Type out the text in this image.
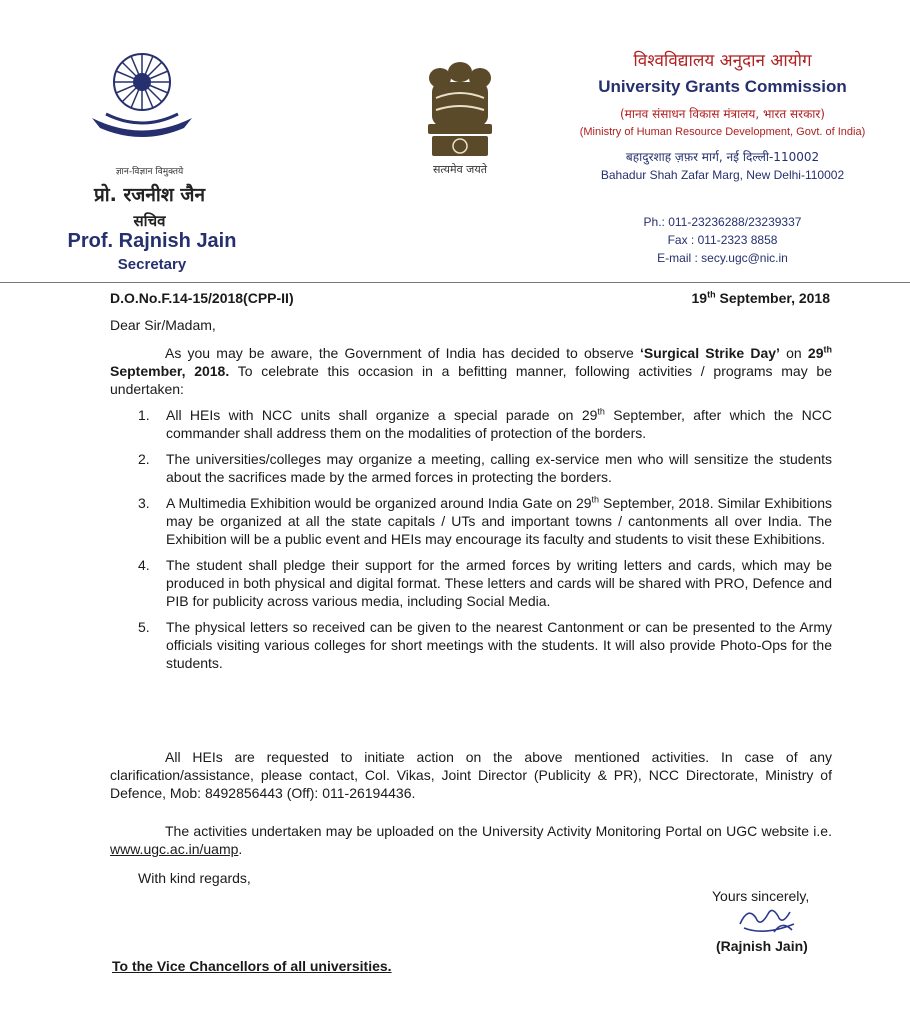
ज्ञान-विज्ञान विमुक्तये
प्रो. रजनीश जैन
सचिव
Prof. Rajnish Jain
Secretary
सत्यमेव जयते
विश्वविद्यालय अनुदान आयोग
University Grants Commission
(मानव संसाधन विकास मंत्रालय, भारत सरकार)
(Ministry of Human Resource Development, Govt. of India)
बहादुरशाह ज़फ़र मार्ग, नई दिल्ली-110002
Bahadur Shah Zafar Marg, New Delhi-110002
Ph.: 011-23236288/23239337
Fax : 011-2323 8858
E-mail : secy.ugc@nic.in
D.O.No.F.14-15/2018(CPP-II)	19th September, 2018
Dear Sir/Madam,
As you may be aware, the Government of India has decided to observe ‘Surgical Strike Day’ on 29th September, 2018. To celebrate this occasion in a befitting manner, following activities / programs may be undertaken:
1.	All HEIs with NCC units shall organize a special parade on 29th September, after which the NCC commander shall address them on the modalities of protection of the borders.
2.	The universities/colleges may organize a meeting, calling ex-service men who will sensitize the students about the sacrifices made by the armed forces in protecting the borders.
3.	A Multimedia Exhibition would be organized around India Gate on 29th September, 2018. Similar Exhibitions may be organized at all the state capitals / UTs and important towns / cantonments all over India. The Exhibition will be a public event and HEIs may encourage its faculty and students to visit these Exhibitions.
4.	The student shall pledge their support for the armed forces by writing letters and cards, which may be produced in both physical and digital format. These letters and cards will be shared with PRO, Defence and PIB for publicity across various media, including Social Media.
5.	The physical letters so received can be given to the nearest Cantonment or can be presented to the Army officials visiting various colleges for short meetings with the students. It will also provide Photo-Ops for the students.
All HEIs are requested to initiate action on the above mentioned activities. In case of any clarification/assistance, please contact, Col. Vikas, Joint Director (Publicity & PR), NCC Directorate, Ministry of Defence, Mob: 8492856443 (Off): 011-26194436.
The activities undertaken may be uploaded on the University Activity Monitoring Portal on UGC website i.e. www.ugc.ac.in/uamp.
With kind regards,
Yours sincerely,
(Rajnish Jain)
To the Vice Chancellors of all universities.
